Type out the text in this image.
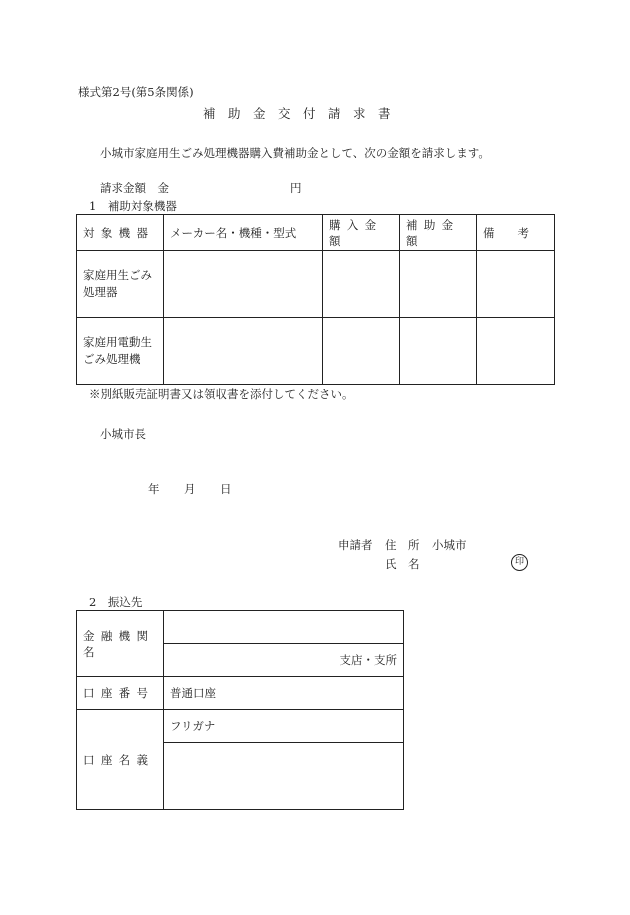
様式第2号(第5条関係)
補　助　金　交　付　請　求　書
小城市家庭用生ごみ処理機器購入費補助金として、次の金額を請求します。
請求金額　金	円
1　補助対象機器
対象機器	メーカー名・機種・型式	購入金額	補助金額	備　　考
家庭用生ごみ処理器				
家庭用電動生ごみ処理機				
※別紙販売証明書又は領収書を添付してください。
小城市長
年 月 日
申請者 住　所 小城市
氏　名	印
2　振込先
金融機関名	
	支店・支所
口座番号	普通口座
口座名義	フリガナ
